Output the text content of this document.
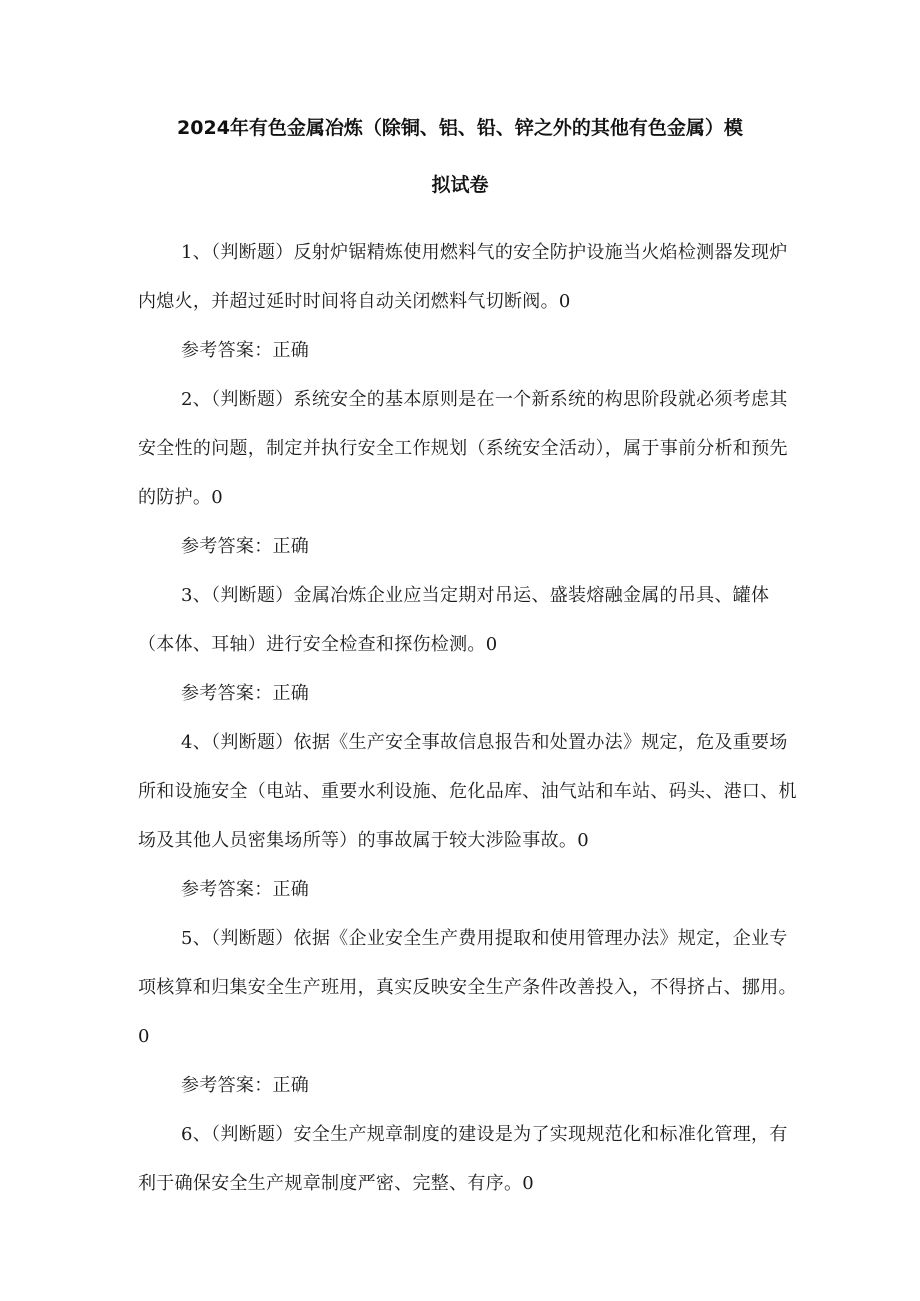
2024年有色金属冶炼（除铜、铝、铅、锌之外的其他有色金属）模
拟试卷

1、（判断题）反射炉锯精炼使用燃料气的安全防护设施当火焰检测器发现炉内熄火，并超过延时时间将自动关闭燃料气切断阀。0

参考答案：正确

2、（判断题）系统安全的基本原则是在一个新系统的构思阶段就必须考虑其安全性的问题，制定并执行安全工作规划（系统安全活动），属于事前分析和预先的防护。0

参考答案：正确

3、（判断题）金属冶炼企业应当定期对吊运、盛装熔融金属的吊具、罐体（本体、耳轴）进行安全检查和探伤检测。0

参考答案：正确

4、（判断题）依据《生产安全事故信息报告和处置办法》规定，危及重要场所和设施安全（电站、重要水利设施、危化品库、油气站和车站、码头、港口、机场及其他人员密集场所等）的事故属于较大涉险事故。0

参考答案：正确

5、（判断题）依据《企业安全生产费用提取和使用管理办法》规定，企业专项核算和归集安全生产班用，真实反映安全生产条件改善投入，不得挤占、挪用。0

参考答案：正确

6、（判断题）安全生产规章制度的建设是为了实现规范化和标准化管理，有利于确保安全生产规章制度严密、完整、有序。0
